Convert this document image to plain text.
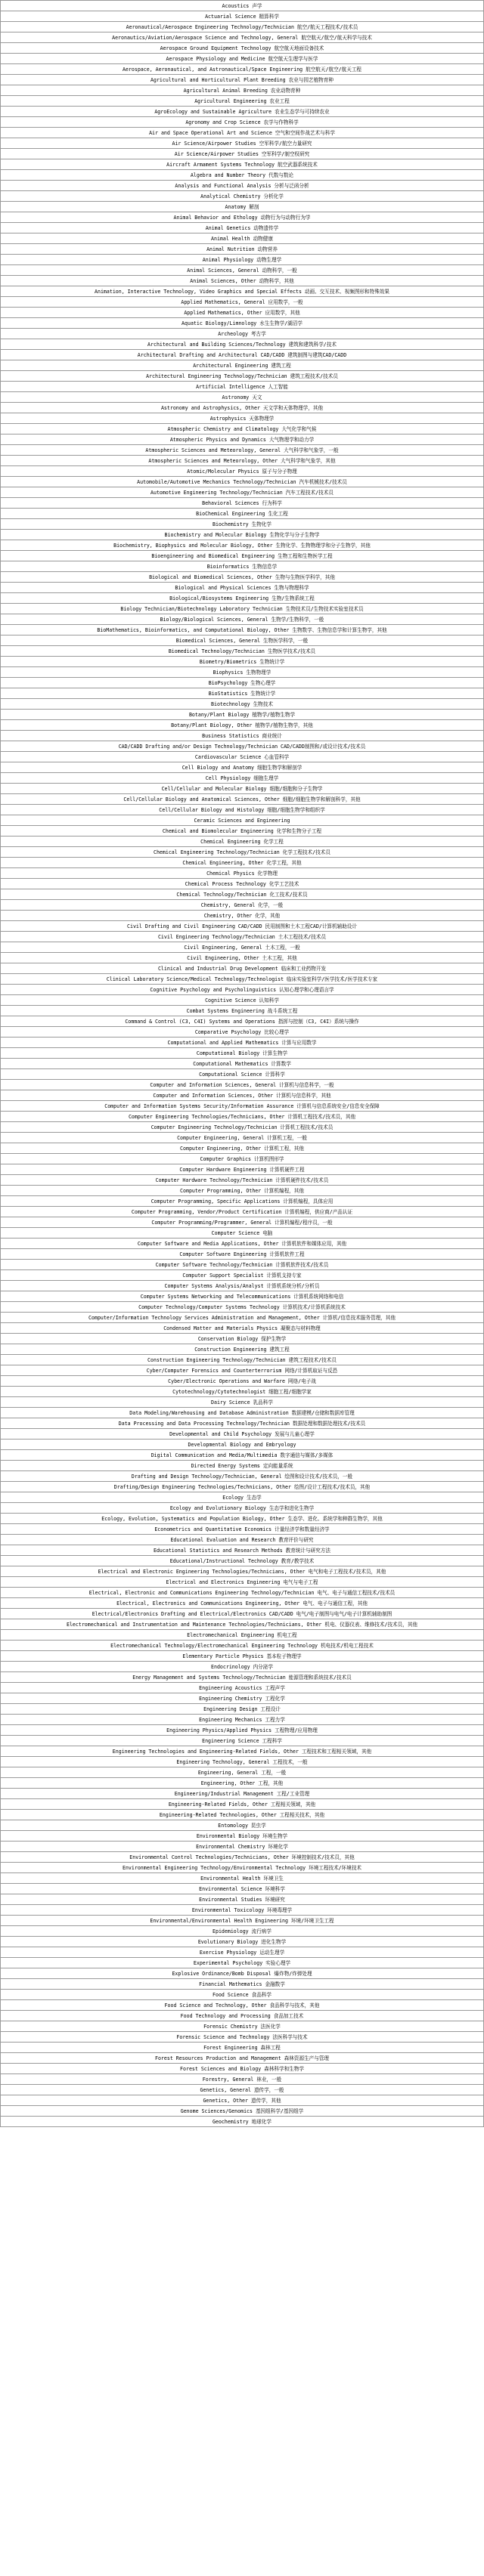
Acoustics 声学
Actuarial Science 精算科学
Aeronautical/Aerospace Engineering Technology/Technician 航空/航天工程技术/技术员
Aeronautics/Aviation/Aerospace Science and Technology, General 航空航天/航空/航天科学与技术
Aerospace Ground Equipment Technology 航空航天地面设备技术
Aerospace Physiology and Medicine 航空航天生理学与医学
Aerospace, Aeronautical, and Astronautical/Space Engineering 航空航天/航空/航天工程
Agricultural and Horticultural Plant Breeding 农业与园艺植物育种
Agricultural Animal Breeding 农业动物育种
Agricultural Engineering 农业工程
AgroEcology and Sustainable Agriculture 农业生态学与可持续农业
Agronomy and Crop Science 农学与作物科学
Air and Space Operational Art and Science 空气和空间作战艺术与科学
Air Science/Airpower Studies 空军科学/航空力量研究
Air Science/Airpower Studies 空军科学/制空权研究
Aircraft Armament Systems Technology 航空武器系统技术
Algebra and Number Theory 代数与数论
Analysis and Functional Analysis 分析与泛函分析
Analytical Chemistry 分析化学
Anatomy 解剖
Animal Behavior and Ethology 动物行为与动物行为学
Animal Genetics 动物遗传学
Animal Health 动物健康
Animal Nutrition 动物营养
Animal Physiology 动物生理学
Animal Sciences, General 动物科学，一般
Animal Sciences, Other 动物科学，其他
Animation, Interactive Technology, Video Graphics and Special Effects 动画、交互技术、视频图形和特殊效果
Applied Mathematics, General 应用数学，一般
Applied Mathematics, Other 应用数学，其他
Aquatic Biology/Limnology 水生生物学/湖沼学
Archeology 考古学
Architectural and Building Sciences/Technology 建筑和建筑科学/技术
Architectural Drafting and Architectural CAD/CADD 建筑制图与建筑CAD/CADD
Architectural Engineering 建筑工程
Architectural Engineering Technology/Technician 建筑工程技术/技术员
Artificial Intelligence 人工智能
Astronomy 天文
Astronomy and Astrophysics, Other 天文学和天体物理学，其他
Astrophysics 天体物理学
Atmospheric Chemistry and Climatology 大气化学和气候
Atmospheric Physics and Dynamics 大气物理学和动力学
Atmospheric Sciences and Meteorology, General 大气科学和气象学，一般
Atmospheric Sciences and Meteorology, Other 大气科学和气象学，其他
Atomic/Molecular Physics 原子与分子物理
Automobile/Automotive Mechanics Technology/Technician 汽车机械技术/技术员
Automotive Engineering Technology/Technician 汽车工程技术/技术员
Behavioral Sciences 行为科学
BioChemical Engineering 生化工程
Biochemistry 生物化学
Biochemistry and Molecular Biology 生物化学与分子生物学
Biochemistry, Biophysics and Molecular Biology, Other 生物化学、生物物理学和分子生物学，其他
Bioengineering and Biomedical Engineering 生物工程和生物医学工程
Bioinformatics 生物信息学
Biological and Biomedical Sciences, Other 生物与生物医学科学，其他
Biological and Physical Sciences 生物与物理科学
Biological/Biosystems Engineering 生物/生物系统工程
Biology Technician/Biotechnology Laboratory Technician 生物技术员/生物技术实验室技术员
Biology/Biological Sciences, General 生物学/生物科学，一般
BioMathematics, Bioinformatics, and Computational Biology, Other 生物数学、生物信息学和计算生物学，其他
Biomedical Sciences, General 生物医学科学，一般
Biomedical Technology/Technician 生物医学技术/技术员
Biometry/Biometrics 生物统计学
Biophysics 生物物理学
BioPsychology 生物心理学
BioStatistics 生物统计学
Biotechnology 生物技术
Botany/Plant Biology 植物学/植物生物学
Botany/Plant Biology, Other 植物学/植物生物学，其他
Business Statistics 商业统计
CAD/CADD Drafting and/or Design Technology/Technician CAD/CADD制图和/或设计技术/技术员
Cardiovascular Science 心血管科学
Cell Biology and Anatomy 细胞生物学和解剖学
Cell Physiology 细胞生理学
Cell/Cellular and Molecular Biology 细胞/细胞和分子生物学
Cell/Cellular Biology and Anatomical Sciences, Other 细胞/细胞生物学和解剖科学，其他
Cell/Cellular Biology and Histology 细胞/细胞生物学和组织学
Ceramic Sciences and Engineering
Chemical and Biomolecular Engineering 化学和生物分子工程
Chemical Engineering 化学工程
Chemical Engineering Technology/Technician 化学工程技术/技术员
Chemical Engineering, Other 化学工程，其他
Chemical Physics 化学物理
Chemical Process Technology 化学工艺技术
Chemical Technology/Technician 化工技术/技术员
Chemistry, General 化学，一般
Chemistry, Other 化学，其他
Civil Drafting and Civil Engineering CAD/CADD 民用制图和土木工程CAD/计算机辅助设计
Civil Engineering Technology/Technician 土木工程技术/技术员
Civil Engineering, General 土木工程，一般
Civil Engineering, Other 土木工程，其他
Clinical and Industrial Drug Development 临床和工业药物开发
Clinical Laboratory Science/Medical Technology/Technologist 临床实验室科学/医学技术/医学技术专家
Cognitive Psychology and Psycholinguistics 认知心理学和心理语言学
Cognitive Science 认知科学
Combat Systems Engineering 战斗系统工程
Command & Control (C3, C4I) Systems and Operations 指挥与控制（C3, C4I）系统与操作
Comparative Psychology 比较心理学
Computational and Applied Mathematics 计算与应用数学
Computational Biology 计算生物学
Computational Mathematics 计算数学
Computational Science 计算科学
Computer and Information Sciences, General 计算机与信息科学，一般
Computer and Information Sciences, Other 计算机与信息科学，其他
Computer and Information Systems Security/Information Assurance 计算机与信息系统安全/信息安全保障
Computer Engineering Technologies/Technicians, Other 计算机工程技术/技术员，其他
Computer Engineering Technology/Technician 计算机工程技术/技术员
Computer Engineering, General 计算机工程，一般
Computer Engineering, Other 计算机工程，其他
Computer Graphics 计算机图形学
Computer Hardware Engineering 计算机硬件工程
Computer Hardware Technology/Technician 计算机硬件技术/技术员
Computer Programming, Other 计算机编程，其他
Computer Programming, Specific Applications 计算机编程，具体应用
Computer Programming, Vendor/Product Certification 计算机编程，供应商/产品认证
Computer Programming/Programmer, General 计算机编程/程序员，一般
Computer Science 电脑
Computer Software and Media Applications, Other 计算机软件和媒体应用，其他
Computer Software Engineering 计算机软件工程
Computer Software Technology/Technician 计算机软件技术/技术员
Computer Support Specialist 计算机支持专家
Computer Systems Analysis/Analyst 计算机系统分析/分析员
Computer Systems Networking and Telecommunications 计算机系统网络和电信
Computer Technology/Computer Systems Technology 计算机技术/计算机系统技术
Computer/Information Technology Services Administration and Management, Other 计算机/信息技术服务管理，其他
Condensed Matter and Materials Physics 凝聚态与材料物理
Conservation Biology 保护生物学
Construction Engineering 建筑工程
Construction Engineering Technology/Technician 建筑工程技术/技术员
Cyber/Computer Forensics and Counterterrorism 网络/计算机取证与反恐
Cyber/Electronic Operations and Warfare 网络/电子战
Cytotechnology/Cytotechnologist 细胞工程/细胞学家
Dairy Science 乳品科学
Data Modeling/Warehousing and Database Administration 数据建模/仓储和数据库管理
Data Processing and Data Processing Technology/Technician 数据处理和数据处理技术/技术员
Developmental and Child Psychology 发展与儿童心理学
Developmental Biology and Embryology
Digital Communication and Media/Multimedia 数字通信与媒体/多媒体
Directed Energy Systems 定向能量系统
Drafting and Design Technology/Technician, General 绘图和设计技术/技术员，一般
Drafting/Design Engineering Technologies/Technicians, Other 绘图/设计工程技术/技术员，其他
Ecology 生态学
Ecology and Evolutionary Biology 生态学和进化生物学
Ecology, Evolution, Systematics and Population Biology, Other 生态学、进化、系统学和种群生物学，其他
Econometrics and Quantitative Economics 计量经济学和数量经济学
Educational Evaluation and Research 教育评价与研究
Educational Statistics and Research Methods 教育统计与研究方法
Educational/Instructional Technology 教育/教学技术
Electrical and Electronic Engineering Technologies/Technicians, Other 电气和电子工程技术/技术员，其他
Electrical and Electronics Engineering 电气与电子工程
Electrical, Electronic and Communications Engineering Technology/Technician 电气、电子与通信工程技术/技术员
Electrical, Electronics and Communications Engineering, Other 电气、电子与通信工程，其他
Electrical/Electronics Drafting and Electrical/Electronics CAD/CADD 电气/电子制图与电气/电子计算机辅助制图
Electromechanical and Instrumentation and Maintenance Technologies/Technicians, Other 机电、仪器仪表、维修技术/技术员，其他
Electromechanical Engineering 机电工程
Electromechanical Technology/Electromechanical Engineering Technology 机电技术/机电工程技术
Elementary Particle Physics 基本粒子物理学
Endocrinology 内分泌学
Energy Management and Systems Technology/Technician 能源管理和系统技术/技术员
Engineering Acoustics 工程声学
Engineering Chemistry 工程化学
Engineering Design 工程设计
Engineering Mechanics 工程力学
Engineering Physics/Applied Physics 工程物理/应用物理
Engineering Science 工程科学
Engineering Technologies and Engineering-Related Fields, Other 工程技术和工程相关领域，其他
Engineering Technology, General 工程技术，一般
Engineering, General 工程，一般
Engineering, Other 工程，其他
Engineering/Industrial Management 工程/工业管理
Engineering-Related Fields, Other 工程相关领域，其他
Engineering-Related Technologies, Other 工程相关技术，其他
Entomology 昆虫学
Environmental Biology 环境生物学
Environmental Chemistry 环境化学
Environmental Control Technologies/Technicians, Other 环境控制技术/技术员，其他
Environmental Engineering Technology/Environmental Technology 环境工程技术/环境技术
Environmental Health 环境卫生
Environmental Science 环境科学
Environmental Studies 环境研究
Environmental Toxicology 环境毒理学
Environmental/Environmental Health Engineering 环境/环境卫生工程
Epidemiology 流行病学
Evolutionary Biology 进化生物学
Exercise Physiology 运动生理学
Experimental Psychology 实验心理学
Explosive Ordinance/Bomb Disposal 爆炸物/炸弹处理
Financial Mathematics 金融数学
Food Science 食品科学
Food Science and Technology, Other 食品科学与技术，其他
Food Technology and Processing 食品加工技术
Forensic Chemistry 法医化学
Forensic Science and Technology 法医科学与技术
Forest Engineering 森林工程
Forest Resources Production and Management 森林资源生产与管理
Forest Sciences and Biology 森林科学和生物学
Forestry, General 林业，一般
Genetics, General 遗传学，一般
Genetics, Other 遗传学，其他
Genome Sciences/Genomics 基因组科学/基因组学
Geochemistry 地球化学
